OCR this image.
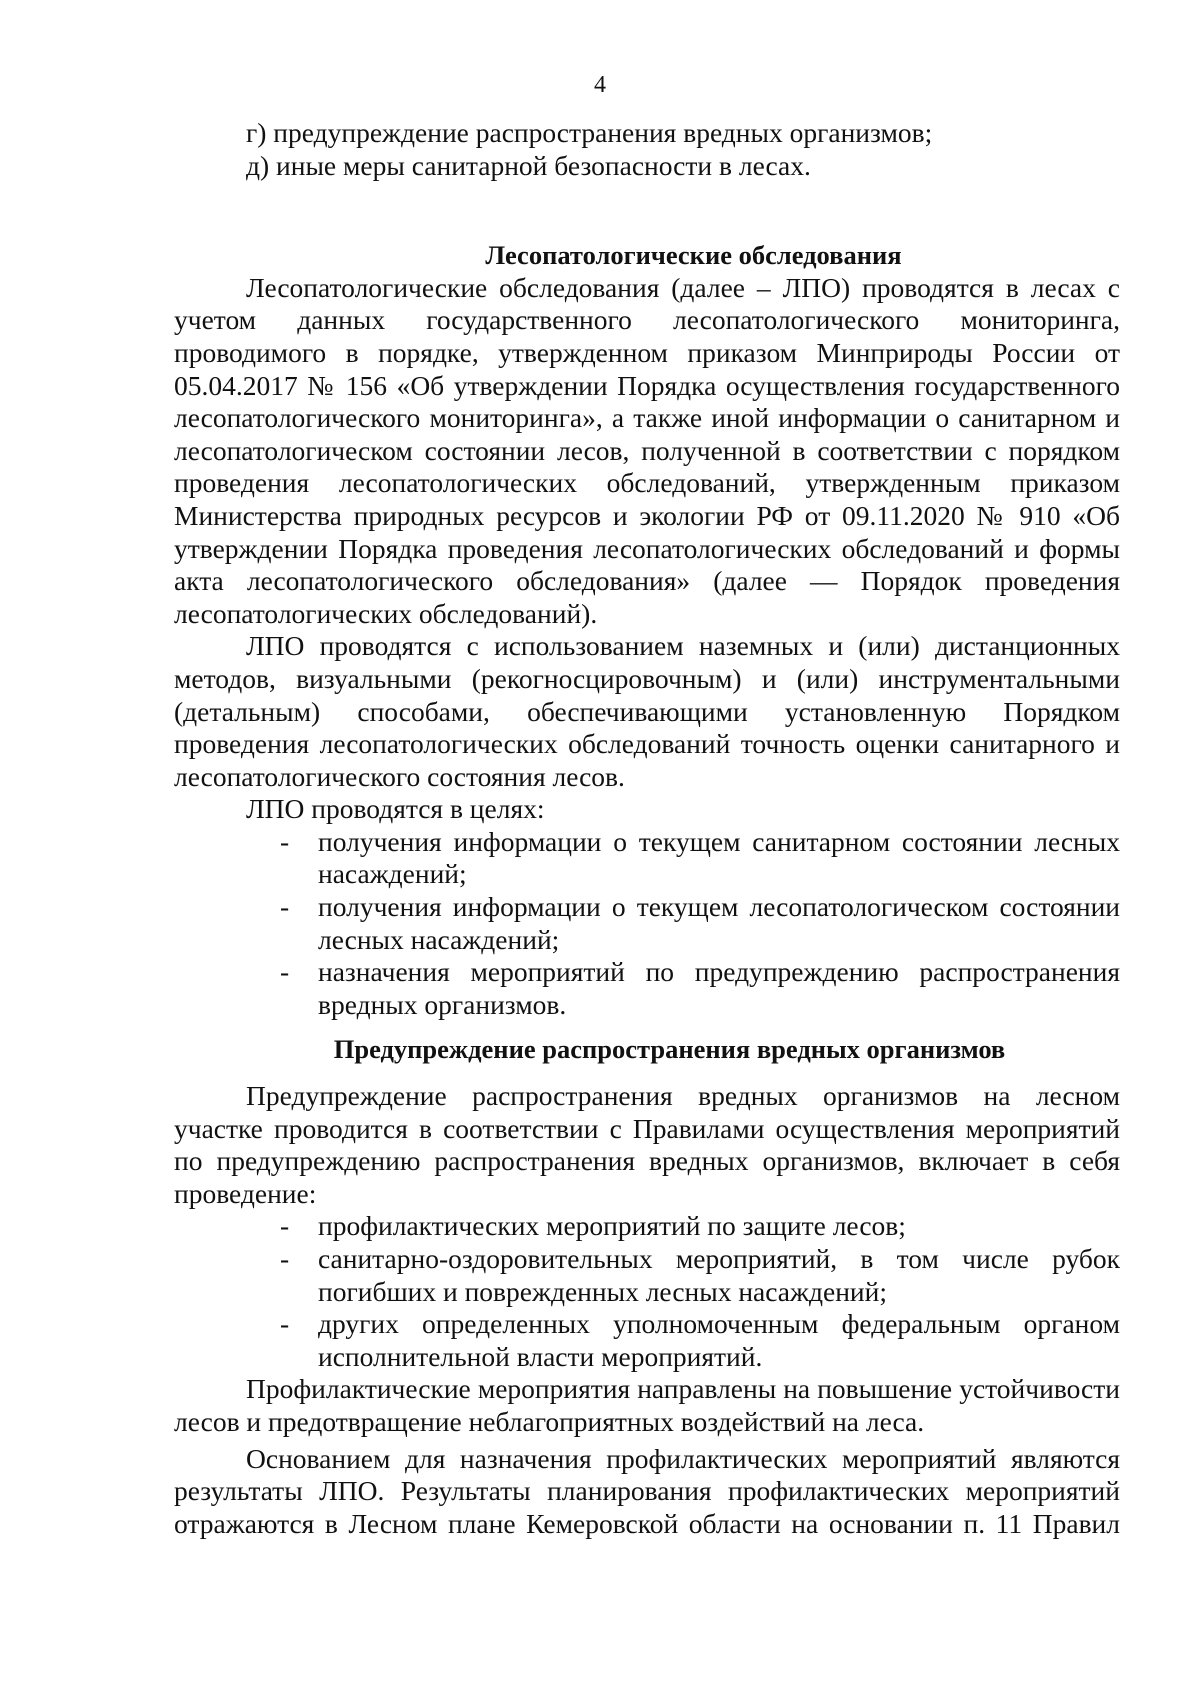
4

г) предупреждение распространения вредных организмов;

д) иные меры санитарной безопасности в лесах.

Лесопатологические обследования

Лесопатологические обследования (далее – ЛПО) проводятся в лесах с учетом данных государственного лесопатологического мониторинга, проводимого в порядке, утвержденном приказом Минприроды России от 05.04.2017 № 156 «Об утверждении Порядка осуществления государственного лесопатологического мониторинга», а также иной информации о санитарном и лесопатологическом состоянии лесов, полученной в соответствии с порядком проведения лесопатологических обследований, утвержденным приказом Министерства природных ресурсов и экологии РФ от 09.11.2020 № 910 «Об утверждении Порядка проведения лесопатологических обследований и формы акта лесопатологического обследования» (далее — Порядок проведения лесопатологических обследований).

ЛПО проводятся с использованием наземных и (или) дистанционных методов, визуальными (рекогносцировочным) и (или) инструментальными (детальным) способами, обеспечивающими установленную Порядком проведения лесопатологических обследований точность оценки санитарного и лесопатологического состояния лесов.

ЛПО проводятся в целях:

- получения информации о текущем санитарном состоянии лесных насаждений;

- получения информации о текущем лесопатологическом состоянии лесных насаждений;

- назначения мероприятий по предупреждению распространения вредных организмов.

Предупреждение распространения вредных организмов

Предупреждение распространения вредных организмов на лесном участке проводится в соответствии с Правилами осуществления мероприятий по предупреждению распространения вредных организмов, включает в себя проведение:

- профилактических мероприятий по защите лесов;

- санитарно-оздоровительных мероприятий, в том числе рубок погибших и поврежденных лесных насаждений;

- других определенных уполномоченным федеральным органом исполнительной власти мероприятий.

Профилактические мероприятия направлены на повышение устойчивости лесов и предотвращение неблагоприятных воздействий на леса.

Основанием для назначения профилактических мероприятий являются результаты ЛПО. Результаты планирования профилактических мероприятий отражаются в Лесном плане Кемеровской области на основании п. 11 Правил
